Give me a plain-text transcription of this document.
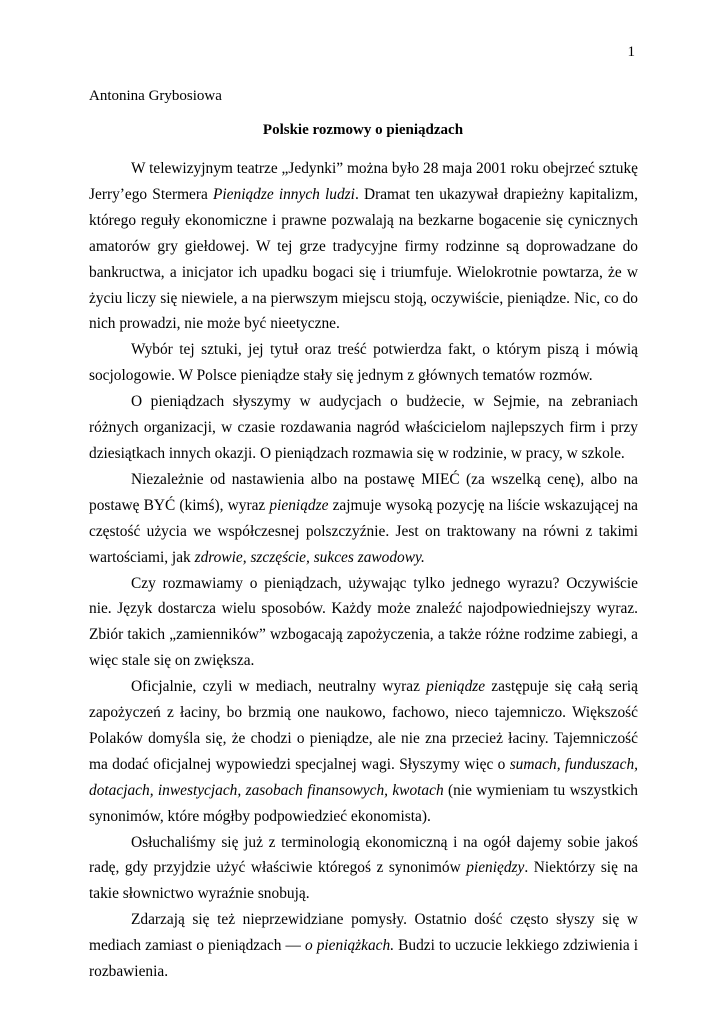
1
Antonina Grybosiowa
Polskie rozmowy o pieniądzach

W telewizyjnym teatrze „Jedynki” można było 28 maja 2001 roku obejrzeć sztukę Jerry’ego Stermera Pieniądze innych ludzi. Dramat ten ukazywał drapieżny kapitalizm, którego reguły ekonomiczne i prawne pozwalają na bezkarne bogacenie się cynicznych amatorów gry giełdowej. W tej grze tradycyjne firmy rodzinne są doprowadzane do bankructwa, a inicjator ich upadku bogaci się i triumfuje. Wielokrotnie powtarza, że w życiu liczy się niewiele, a na pierwszym miejscu stoją, oczywiście, pieniądze. Nic, co do nich prowadzi, nie może być nieetyczne.

Wybór tej sztuki, jej tytuł oraz treść potwierdza fakt, o którym piszą i mówią socjologowie. W Polsce pieniądze stały się jednym z głównych tematów rozmów.

O pieniądzach słyszymy w audycjach o budżecie, w Sejmie, na zebraniach różnych organizacji, w czasie rozdawania nagród właścicielom najlepszych firm i przy dziesiątkach innych okazji. O pieniądzach rozmawia się w rodzinie, w pracy, w szkole.

Niezależnie od nastawienia albo na postawę MIEĆ (za wszelką cenę), albo na postawę BYĆ (kimś), wyraz pieniądze zajmuje wysoką pozycję na liście wskazującej na częstość użycia we współczesnej polszczyźnie. Jest on traktowany na równi z takimi wartościami, jak zdrowie, szczęście, sukces zawodowy.

Czy rozmawiamy o pieniądzach, używając tylko jednego wyrazu? Oczywiście nie. Język dostarcza wielu sposobów. Każdy może znaleźć najodpowiedniejszy wyraz. Zbiór takich „zamienników” wzbogacają zapożyczenia, a także różne rodzime zabiegi, a więc stale się on zwiększa.

Oficjalnie, czyli w mediach, neutralny wyraz pieniądze zastępuje się całą serią zapożyczeń z łaciny, bo brzmią one naukowo, fachowo, nieco tajemniczo. Większość Polaków domyśla się, że chodzi o pieniądze, ale nie zna przecież łaciny. Tajemniczość ma dodać oficjalnej wypowiedzi specjalnej wagi. Słyszymy więc o sumach, funduszach, dotacjach, inwestycjach, zasobach finansowych, kwotach (nie wymieniam tu wszystkich synonimów, które mógłby podpowiedzieć ekonomista).

Osłuchaliśmy się już z terminologią ekonomiczną i na ogół dajemy sobie jakoś radę, gdy przyjdzie użyć właściwie któregoś z synonimów pieniędzy. Niektórzy się na takie słownictwo wyraźnie snobują.

Zdarzają się też nieprzewidziane pomysły. Ostatnio dość często słyszy się w mediach zamiast o pieniądzach — o pieniążkach. Budzi to uczucie lekkiego zdziwienia i rozbawienia.
